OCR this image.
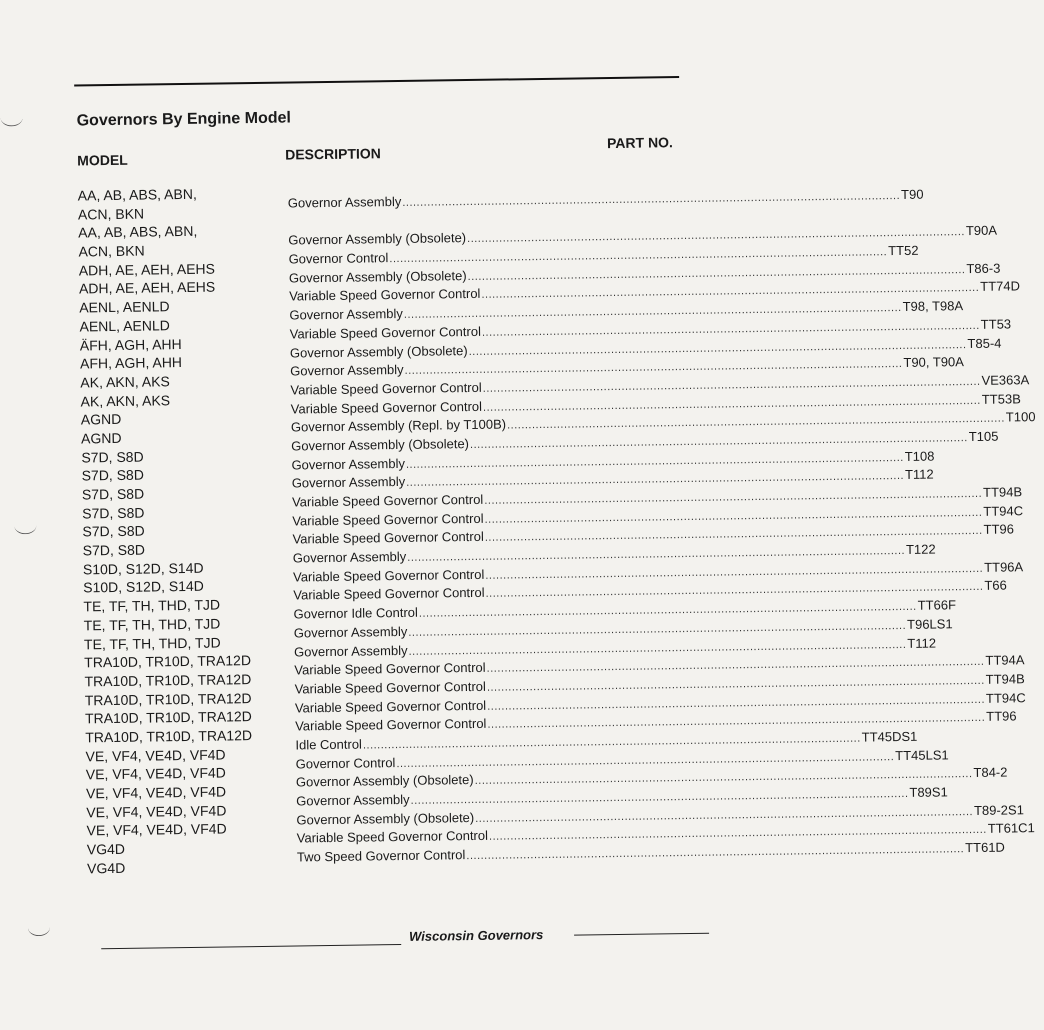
Governors By Engine Model
MODEL	DESCRIPTION
PART NO.
AA, AB, ABS, ABN,
ACN, BKN
AA, AB, ABS, ABN,
ACN, BKN
ADH, AE, AEH, AEHS
ADH, AE, AEH, AEHS
AENL, AENLD
AENL, AENLD
ÄFH, AGH, AHH
AFH, AGH, AHH
AK, AKN, AKS
AK, AKN, AKS
AGND
AGND
S7D, S8D
S7D, S8D
S7D, S8D
S7D, S8D
S7D, S8D
S7D, S8D
S10D, S12D, S14D
S10D, S12D, S14D
TE, TF, TH, THD, TJD
TE, TF, TH, THD, TJD
TE, TF, TH, THD, TJD
TRA10D, TR10D, TRA12D
TRA10D, TR10D, TRA12D
TRA10D, TR10D, TRA12D
TRA10D, TR10D, TRA12D
TRA10D, TR10D, TRA12D
VE, VF4, VE4D, VF4D
VE, VF4, VE4D, VF4D
VE, VF4, VE4D, VF4D
VE, VF4, VE4D, VF4D
VE, VF4, VE4D, VF4D
VG4D
VG4D
Governor Assembly ............................................................................................................................................ T90
Governor Assembly (Obsolete) ............................................................................................................................................ T90A
Governor Control ............................................................................................................................................ TT52
Governor Assembly (Obsolete) ............................................................................................................................................ T86-3
Variable Speed Governor Control ............................................................................................................................................ TT74D
Governor Assembly ............................................................................................................................................ T98, T98A
Variable Speed Governor Control ............................................................................................................................................ TT53
Governor Assembly (Obsolete) ............................................................................................................................................ T85-4
Governor Assembly ............................................................................................................................................ T90, T90A
Variable Speed Governor Control ............................................................................................................................................ VE363A
Variable Speed Governor Control ............................................................................................................................................ TT53B
Governor Assembly (Repl. by T100B) ............................................................................................................................................ T100
Governor Assembly (Obsolete) ............................................................................................................................................ T105
Governor Assembly ............................................................................................................................................ T108
Governor Assembly ............................................................................................................................................ T112
Variable Speed Governor Control ............................................................................................................................................ TT94B
Variable Speed Governor Control ............................................................................................................................................ TT94C
Variable Speed Governor Control ............................................................................................................................................ TT96
Governor Assembly ............................................................................................................................................ T122
Variable Speed Governor Control ............................................................................................................................................ TT96A
Variable Speed Governor Control ............................................................................................................................................ T66
Governor Idle Control ............................................................................................................................................ TT66F
Governor Assembly ............................................................................................................................................ T96LS1
Governor Assembly ............................................................................................................................................ T112
Variable Speed Governor Control ............................................................................................................................................ TT94A
Variable Speed Governor Control ............................................................................................................................................ TT94B
Variable Speed Governor Control ............................................................................................................................................ TT94C
Variable Speed Governor Control ............................................................................................................................................ TT96
Idle Control ............................................................................................................................................ TT45DS1
Governor Control ............................................................................................................................................ TT45LS1
Governor Assembly (Obsolete) ............................................................................................................................................ T84-2
Governor Assembly ............................................................................................................................................ T89S1
Governor Assembly (Obsolete) ............................................................................................................................................ T89-2S1
Variable Speed Governor Control ............................................................................................................................................ TT61C1
Two Speed Governor Control ............................................................................................................................................ TT61D
Wisconsin Governors
